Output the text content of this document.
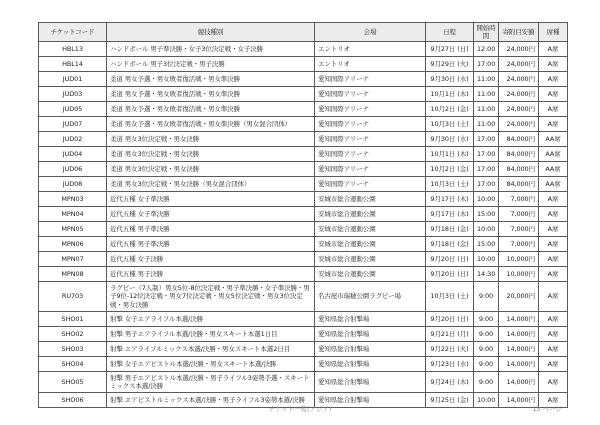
チケットコード	競技種別	会場	日程	開始時間	寄附目安額	席種
HBL13	ハンドボール 男子準決勝・女子3位決定戦・女子決勝	エントリオ	9月27日 (日)	12:00	24,000円	A席
HBL14	ハンドボール 男子3位決定戦・男子決勝	エントリオ	9月29日 (火)	17:00	24,000円	A席
JUD01	柔道 男女予選・男女敗者復活戦・男女準決勝	愛知国際アリーナ	9月30日 (水)	11:00	24,000円	A席
JUD03	柔道 男女予選・男女敗者復活戦・男女準決勝	愛知国際アリーナ	10月1日 (木)	11:00	24,000円	A席
JUD05	柔道 男女予選・男女敗者復活戦・男女準決勝	愛知国際アリーナ	10月2日 (金)	11:00	24,000円	A席
JUD07	柔道 男女予選・男女敗者復活戦・男女準決勝（男女混合団体）	愛知国際アリーナ	10月3日 (土)	11:00	24,000円	A席
JUD02	柔道 男女3位決定戦・男女決勝	愛知国際アリーナ	9月30日 (水)	17:00	84,000円	AA席
JUD04	柔道 男女3位決定戦・男女決勝	愛知国際アリーナ	10月1日 (木)	17:00	84,000円	AA席
JUD06	柔道 男女3位決定戦・男女決勝	愛知国際アリーナ	10月2日 (金)	17:00	84,000円	AA席
JUD08	柔道 男女3位決定戦・男女決勝（男女混合団体）	愛知国際アリーナ	10月3日 (土)	17:00	84,000円	AA席
MPN03	近代五種 女子準決勝	安城市総合運動公園	9月17日 (木)	10:00	7,000円	A席
MPN04	近代五種 女子準決勝	安城市総合運動公園	9月17日 (木)	15:00	7,000円	A席
MPN05	近代五種 男子準決勝	安城市総合運動公園	9月18日 (金)	10:00	7,000円	A席
MPN06	近代五種 男子準決勝	安城市総合運動公園	9月18日 (金)	15:00	7,000円	A席
MPN07	近代五種 女子決勝	安城市総合運動公園	9月20日 (日)	10:00	10,000円	A席
MPN08	近代五種 男子決勝	安城市総合運動公園	9月20日 (日)	14:30	10,000円	A席
RU703	ラグビー（7人制）男女5位-8位決定戦・男子準決勝・女子準決勝・男子9位-12位決定戦・男女7位決定戦・男女5位決定戦・男女3位決定戦・男女決勝	名古屋市瑞穂公園ラグビー場	10月3日 (土)	9:00	20,000円	A席
SHO01	射撃 女子エアライフル本選/決勝	愛知県総合射撃場	9月20日 (日)	9:00	14,000円	A席
SHO02	射撃 男子エアライフル本選/決勝・男女スキート本選1日目	愛知県総合射撃場	9月21日 (月)	9:00	14,000円	A席
SHO03	射撃 エアライフルミックス本選/決勝・男女スキート本選2日目	愛知県総合射撃場	9月22日 (火)	9:00	14,000円	A席
SHO04	射撃 女子エアピストル本選/決勝・男女スキート本選/決勝	愛知県総合射撃場	9月23日 (水)	9:00	14,000円	A席
SHO05	射撃 男子エアピストル本選/決勝・男子ライフル3姿勢予選・スキートミックス本選/決勝	愛知県総合射撃場	9月24日 (木)	9:00	14,000円	A席
SHO06	射撃 エアピストルミックス本選/決勝・男子ライフル3姿勢本選/決勝	愛知県総合射撃場	9月25日 (金)	10:00	14,000円	A席
チケット一覧(アジア)	13 ページ
